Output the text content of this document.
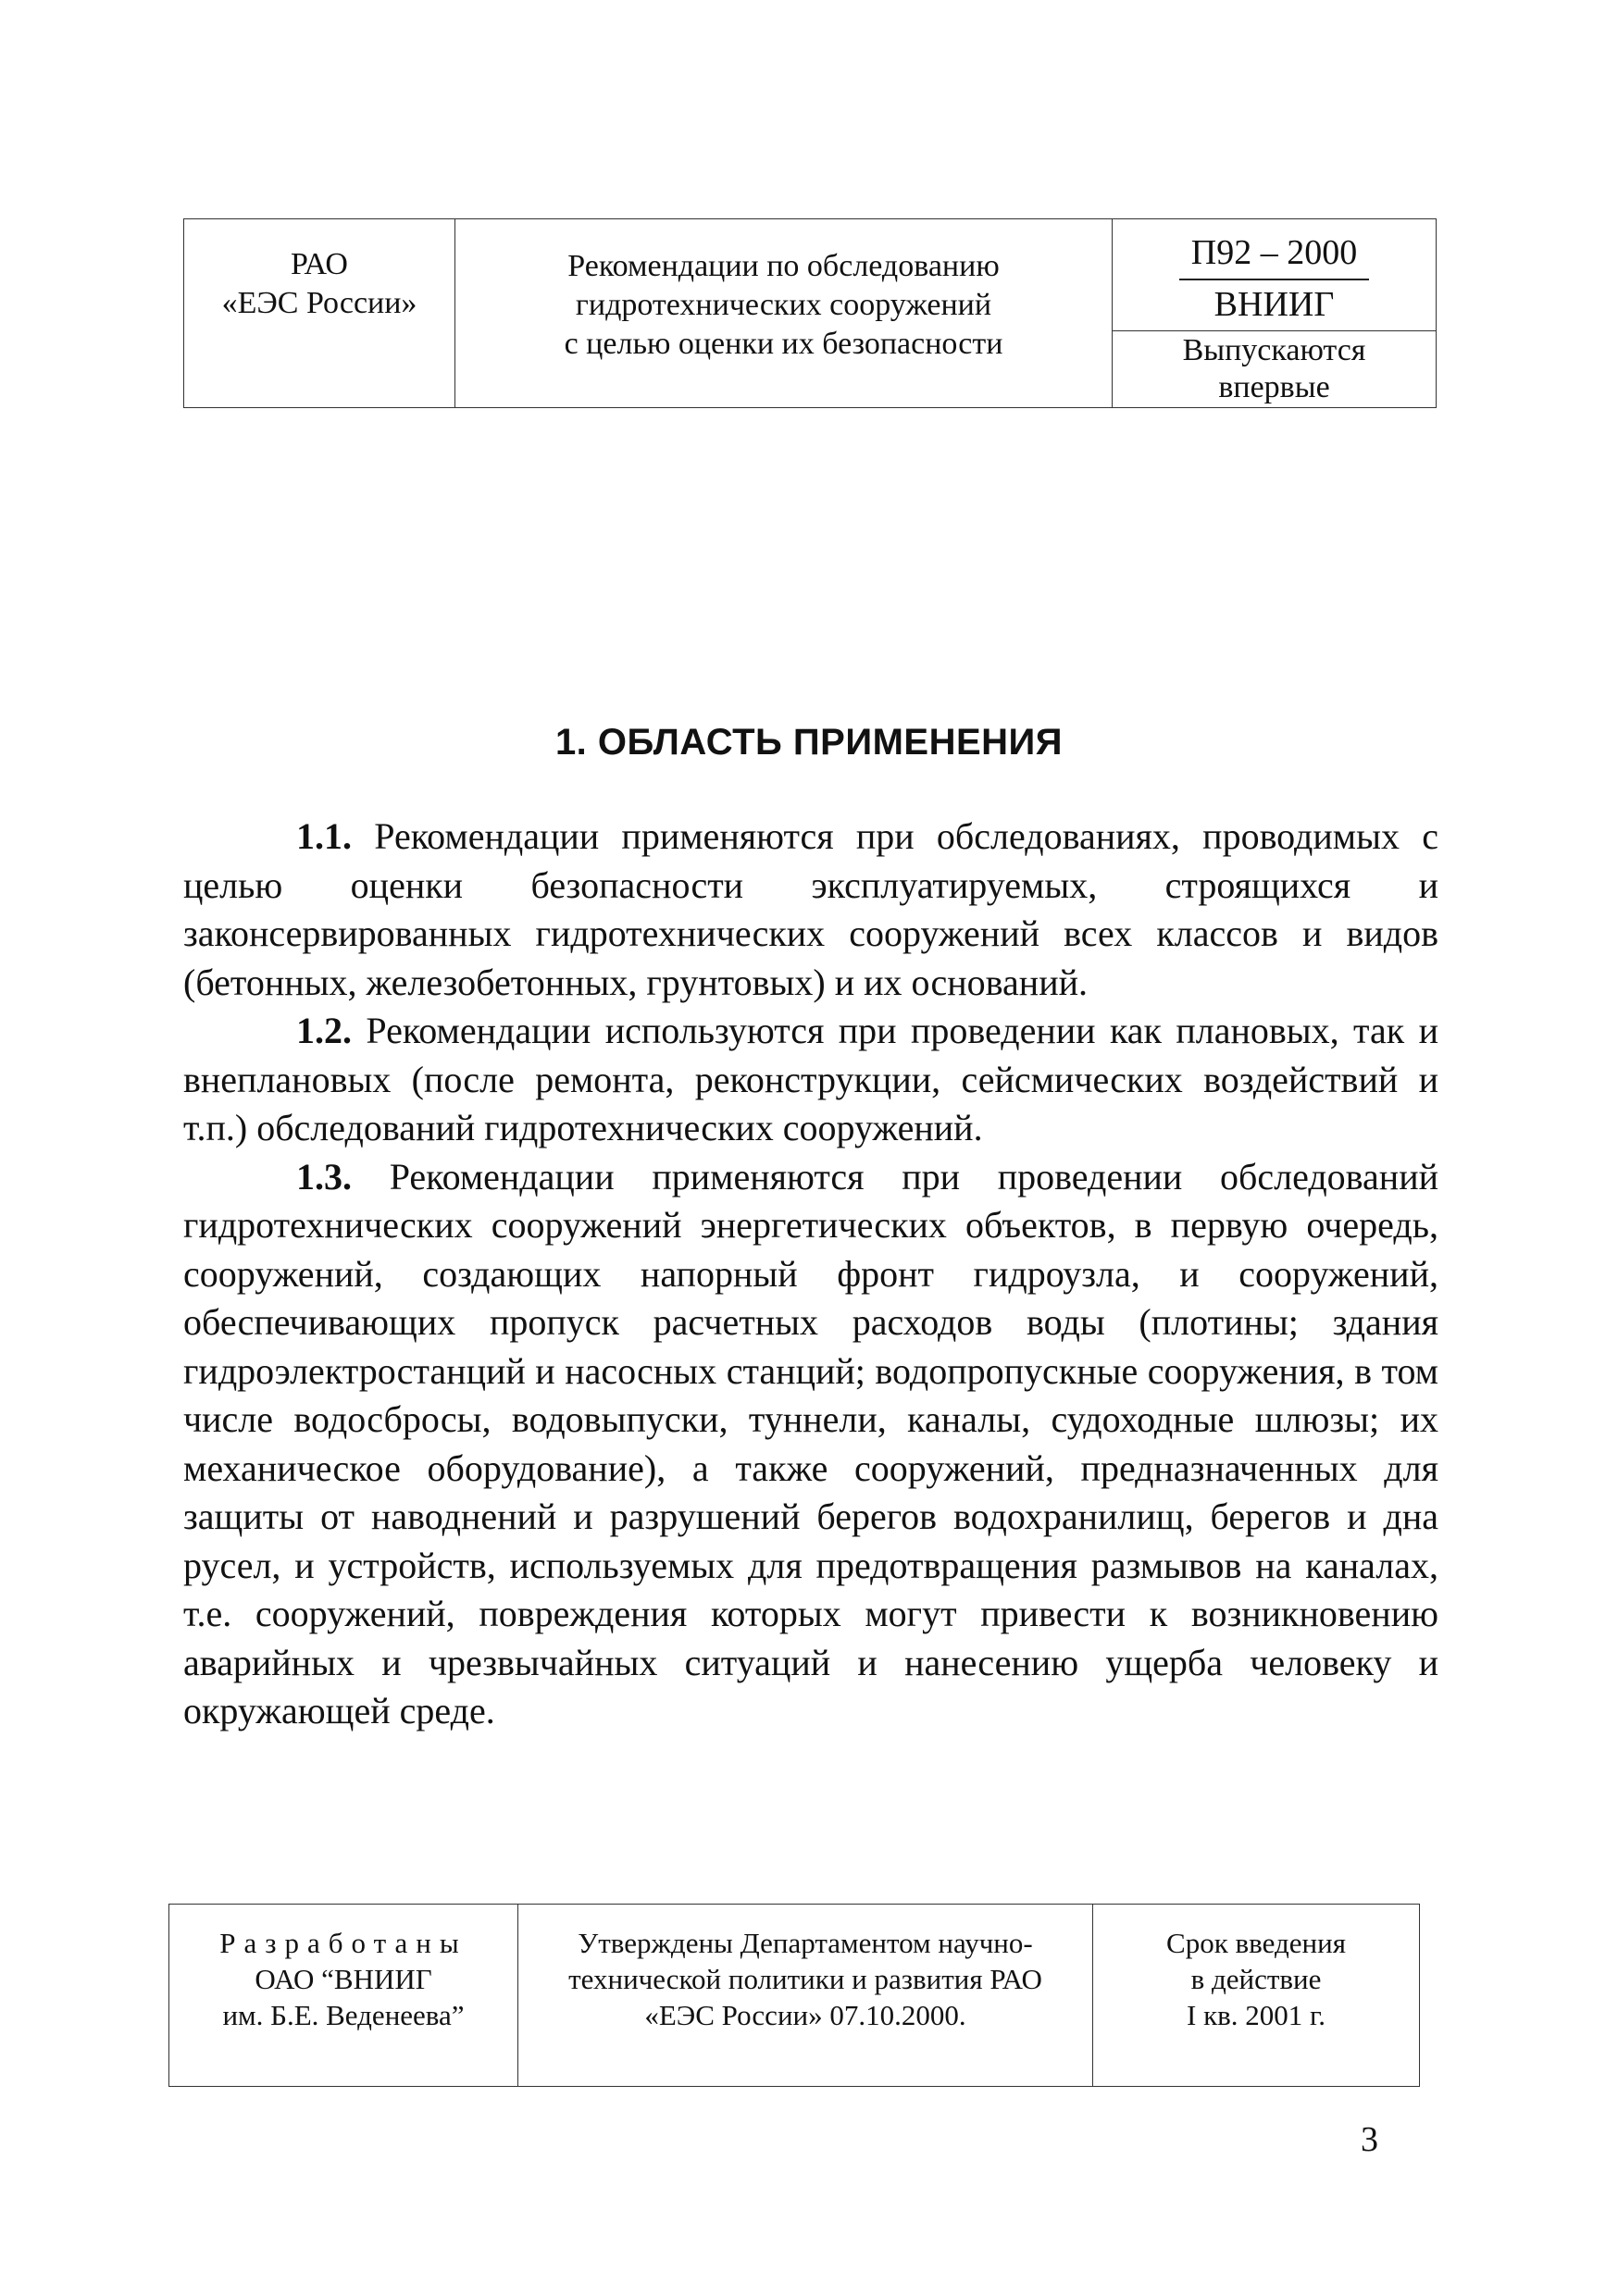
РАО
«ЕЭС России»
Рекомендации по обследованию
гидротехнических сооружений
с целью оценки их безопасности
П92 – 2000
ВНИИГ
Выпускаются
впервые
1. ОБЛАСТЬ ПРИМЕНЕНИЯ

1.1. Рекомендации применяются при обследованиях, проводимых с целью оценки безопасности эксплуатируемых, строящихся и законсервированных гидротехнических сооружений всех классов и видов (бетонных, железобетонных, грунтовых) и их оснований.

1.2. Рекомендации используются при проведении как плановых, так и внеплановых (после ремонта, реконструкции, сейсмических воздействий и т.п.) обследований гидротехнических сооружений.

1.3. Рекомендации применяются при проведении обследований гидротехнических сооружений энергетических объектов, в первую очередь, сооружений, создающих напорный фронт гидроузла, и сооружений, обеспечивающих пропуск расчетных расходов воды (плотины; здания гидроэлектростанций и насосных станций; водопропускные сооружения, в том числе водосбросы, водовыпуски, туннели, каналы, судоходные шлюзы; их механическое оборудование), а также сооружений, предназначенных для защиты от наводнений и разрушений берегов водохранилищ, берегов и дна русел, и устройств, используемых для предотвращения размывов на каналах, т.е. сооружений, повреждения которых могут привести к возникновению аварийных и чрезвычайных ситуаций и нанесению ущерба человеку и окружающей среде.

Разработаны
ОАО “ВНИИГ
им. Б.Е. Веденеева”
Утверждены Департаментом научно-
технической политики и развития РАО
«ЕЭС России» 07.10.2000.
Срок введения
в действие
I кв. 2001 г.
3
